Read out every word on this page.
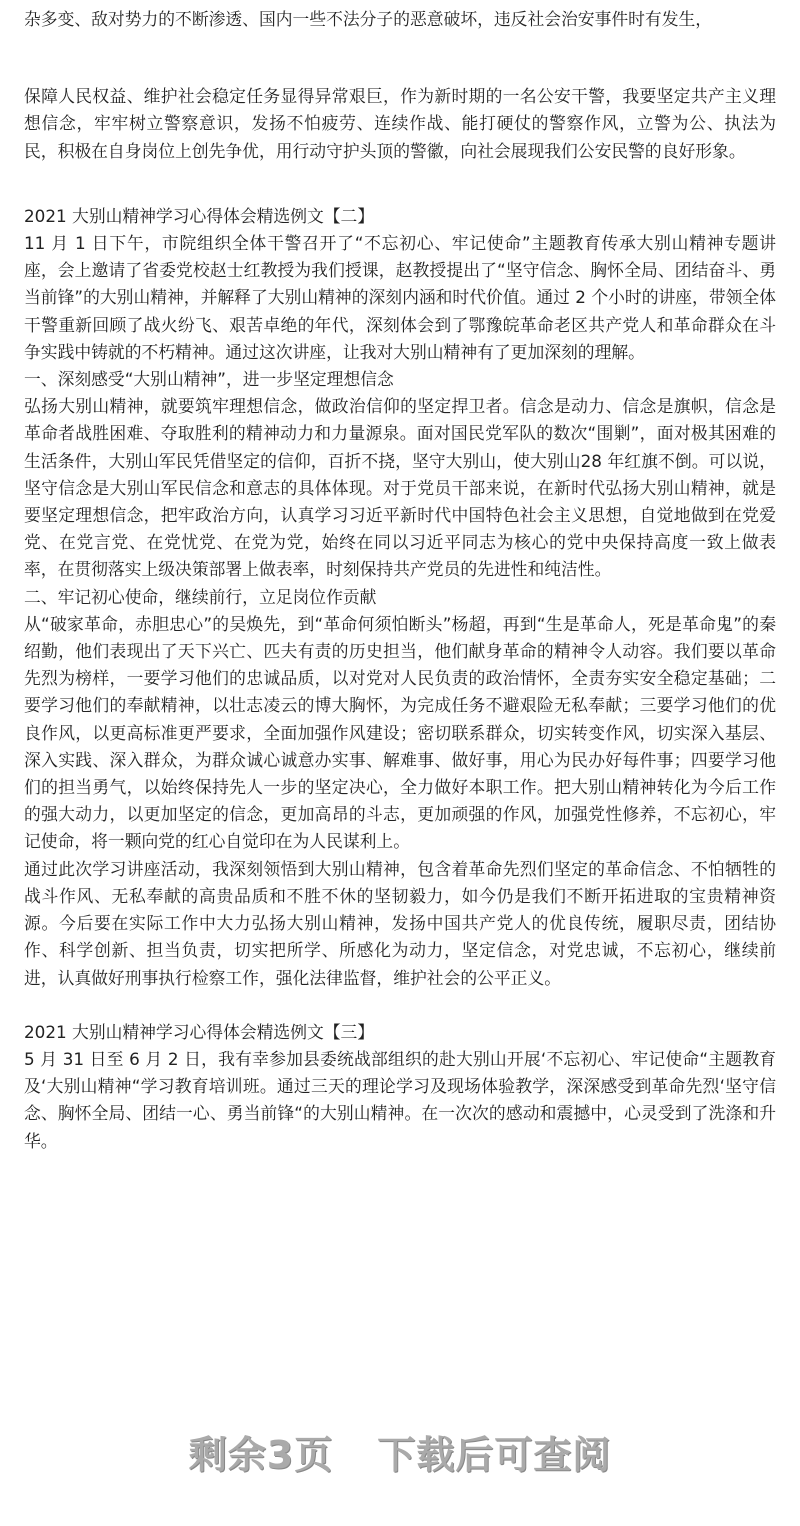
杂多变、敌对势力的不断渗透、国内一些不法分子的恶意破坏，违反社会治安事件时有发生，

保障人民权益、维护社会稳定任务显得异常艰巨，作为新时期的一名公安干警，我要坚定共产主义理想信念，牢牢树立警察意识，发扬不怕疲劳、连续作战、能打硬仗的警察作风，立警为公、执法为民，积极在自身岗位上创先争优，用行动守护头顶的警徽，向社会展现我们公安民警的良好形象。

2021 大别山精神学习心得体会精选例文【二】

11 月 1 日下午，市院组织全体干警召开了“不忘初心、牢记使命”主题教育传承大别山精神专题讲座，会上邀请了省委党校赵士红教授为我们授课，赵教授提出了“坚守信念、胸怀全局、团结奋斗、勇当前锋”的大别山精神，并解释了大别山精神的深刻内涵和时代价值。通过 2 个小时的讲座，带领全体干警重新回顾了战火纷飞、艰苦卓绝的年代，深刻体会到了鄂豫皖革命老区共产党人和革命群众在斗争实践中铸就的不朽精神。通过这次讲座，让我对大别山精神有了更加深刻的理解。

一、深刻感受“大别山精神”，进一步坚定理想信念

弘扬大别山精神，就要筑牢理想信念，做政治信仰的坚定捍卫者。信念是动力、信念是旗帜，信念是革命者战胜困难、夺取胜利的精神动力和力量源泉。面对国民党军队的数次“围剿”，面对极其困难的生活条件，大别山军民凭借坚定的信仰，百折不挠，坚守大别山，使大别山28 年红旗不倒。可以说，坚守信念是大别山军民信念和意志的具体体现。对于党员干部来说，在新时代弘扬大别山精神，就是要坚定理想信念，把牢政治方向，认真学习习近平新时代中国特色社会主义思想，自觉地做到在党爱党、在党言党、在党忧党、在党为党，始终在同以习近平同志为核心的党中央保持高度一致上做表率，在贯彻落实上级决策部署上做表率，时刻保持共产党员的先进性和纯洁性。

二、牢记初心使命，继续前行，立足岗位作贡献

从“破家革命，赤胆忠心”的吴焕先，到“革命何须怕断头”杨超，再到“生是革命人，死是革命鬼”的秦绍勤，他们表现出了天下兴亡、匹夫有责的历史担当，他们献身革命的精神令人动容。我们要以革命先烈为榜样，一要学习他们的忠诚品质，以对党对人民负责的政治情怀，全责夯实安全稳定基础；二要学习他们的奉献精神，以壮志凌云的博大胸怀，为完成任务不避艰险无私奉献；三要学习他们的优良作风，以更高标准更严要求，全面加强作风建设；密切联系群众，切实转变作风，切实深入基层、深入实践、深入群众，为群众诚心诚意办实事、解难事、做好事，用心为民办好每件事；四要学习他们的担当勇气，以始终保持先人一步的坚定决心，全力做好本职工作。把大别山精神转化为今后工作的强大动力，以更加坚定的信念，更加高昂的斗志，更加顽强的作风，加强党性修养，不忘初心，牢记使命，将一颗向党的红心自觉印在为人民谋利上。

通过此次学习讲座活动，我深刻领悟到大别山精神，包含着革命先烈们坚定的革命信念、不怕牺牲的战斗作风、无私奉献的高贵品质和不胜不休的坚韧毅力，如今仍是我们不断开拓进取的宝贵精神资源。今后要在实际工作中大力弘扬大别山精神，发扬中国共产党人的优良传统，履职尽责，团结协作、科学创新、担当负责，切实把所学、所感化为动力，坚定信念，对党忠诚，不忘初心，继续前进，认真做好刑事执行检察工作，强化法律监督，维护社会的公平正义。

2021 大别山精神学习心得体会精选例文【三】

5 月 31 日至 6 月 2 日，我有幸参加县委统战部组织的赴大别山开展‘不忘初心、牢记使命“主题教育及‘大别山精神“学习教育培训班。通过三天的理论学习及现场体验教学，深深感受到革命先烈‘坚守信念、胸怀全局、团结一心、勇当前锋“的大别山精神。在一次次的感动和震撼中，心灵受到了洗涤和升华。

剩余3页 下载后可查阅
